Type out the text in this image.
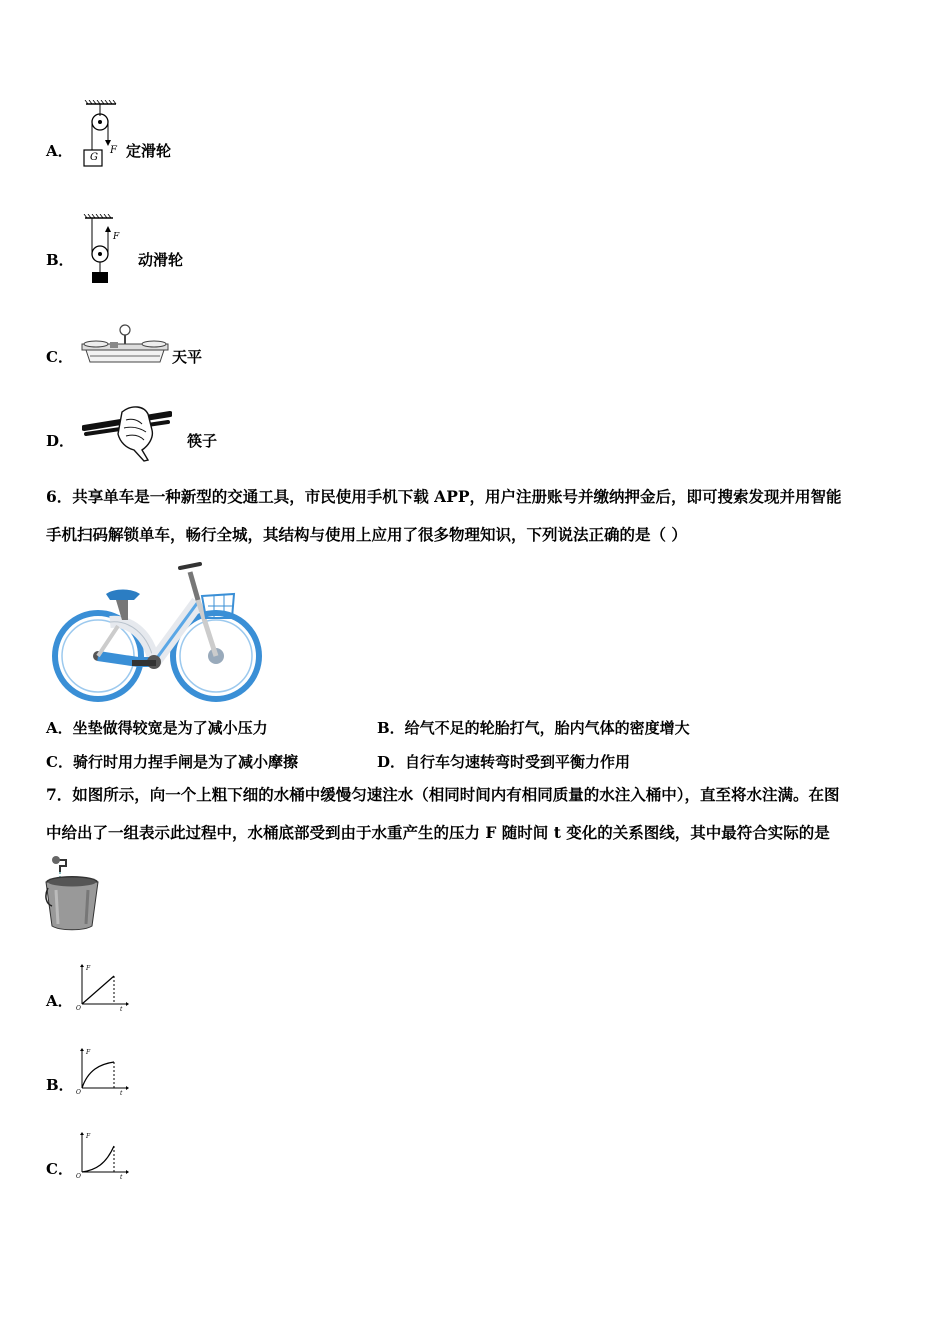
A． G
F 定滑轮
B．
F
动滑轮
C．	天平
D．	筷子
6．共享单车是一种新型的交通工具，市民使用手机下载 APP，用户注册账号并缴纳押金后，即可搜索发现并用智能
手机扫码解锁单车，畅行全城，其结构与使用上应用了很多物理知识，下列说法正确的是（ ）
A．坐垫做得较宽是为了减小压力	B．给气不足的轮胎打气，胎内气体的密度增大
C．骑行时用力捏手闸是为了减小摩擦	D．自行车匀速转弯时受到平衡力作用
7．如图所示，向一个上粗下细的水桶中缓慢匀速注水（相同时间内有相同质量的水注入桶中），直至将水注满。在图
中给出了一组表示此过程中，水桶底部受到由于水重产生的压力 F 随时间 t 变化的关系图线，其中最符合实际的是
A．
F
O	t
B．
F
O	t
C．
F
O	t
